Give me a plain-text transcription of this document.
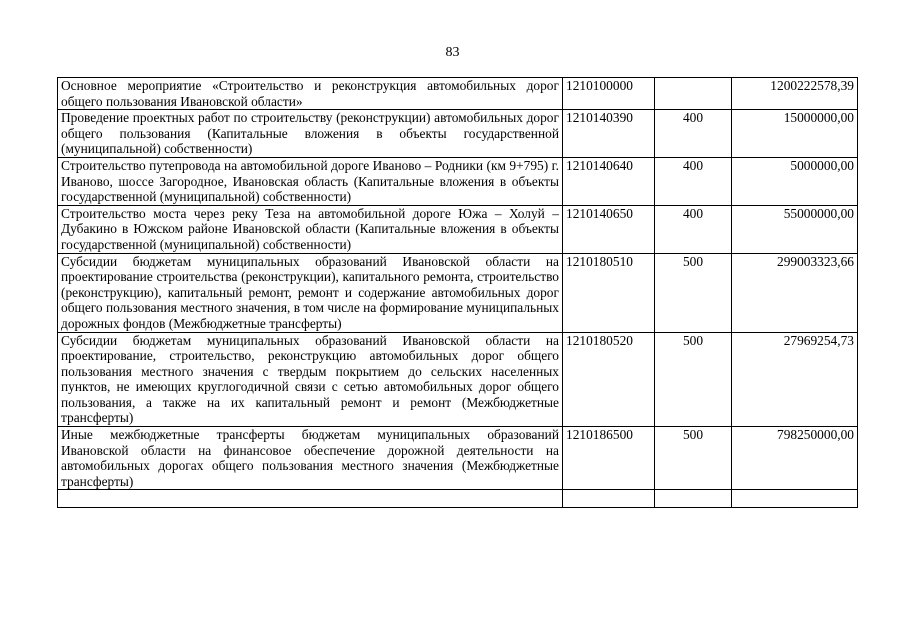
83
Основное мероприятие «Строительство и реконструкция автомобильных дорог общего пользования Ивановской области»	1210100000		1200222578,39
Проведение проектных работ по строительству (реконструкции) автомобильных дорог общего пользования (Капитальные вложения в объекты государственной (муниципальной) собственности)	1210140390	400	15000000,00
Строительство путепровода на автомобильной дороге Иваново – Родники (км 9+795) г. Иваново, шоссе Загородное, Ивановская область (Капитальные вложения в объекты государственной (муниципальной) собственности)	1210140640	400	5000000,00
Строительство моста через реку Теза на автомобильной дороге Южа – Холуй – Дубакино в Южском районе Ивановской области (Капитальные вложения в объекты государственной (муниципальной) собственности)	1210140650	400	55000000,00
Субсидии бюджетам муниципальных образований Ивановской области на проектирование строительства (реконструкции), капитального ремонта, строительство (реконструкцию), капитальный ремонт, ремонт и содержание автомобильных дорог общего пользования местного значения, в том числе на формирование муниципальных дорожных фондов (Межбюджетные трансферты)	1210180510	500	299003323,66
Субсидии бюджетам муниципальных образований Ивановской области на проектирование, строительство, реконструкцию автомобильных дорог общего пользования местного значения с твердым покрытием до сельских населенных пунктов, не имеющих круглогодичной связи с сетью автомобильных дорог общего пользования, а также на их капитальный ремонт и ремонт (Межбюджетные трансферты)	1210180520	500	27969254,73
Иные межбюджетные трансферты бюджетам муниципальных образований Ивановской области на финансовое обеспечение дорожной деятельности на автомобильных дорогах общего пользования местного значения (Межбюджетные трансферты)	1210186500	500	798250000,00
